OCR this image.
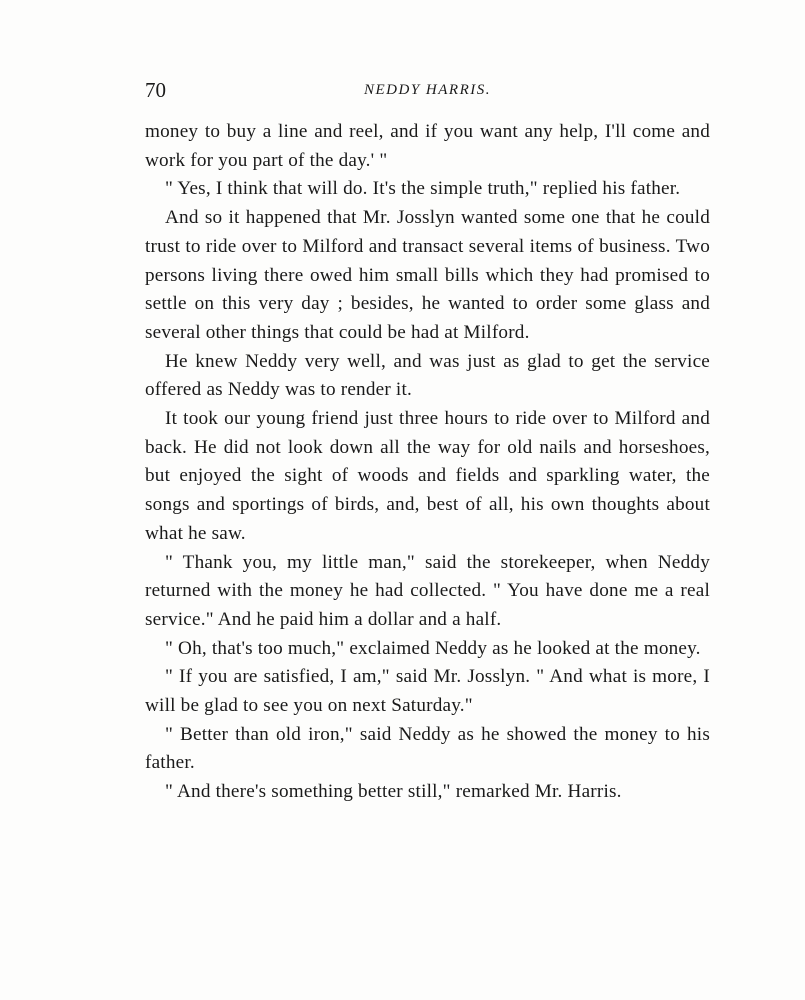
70	NEDDY HARRIS.

money to buy a line and reel, and if you want any help, I'll come and work for you part of the day.' "

" Yes, I think that will do. It's the simple truth," replied his father.

And so it happened that Mr. Josslyn wanted some one that he could trust to ride over to Milford and transact several items of business. Two persons living there owed him small bills which they had promised to settle on this very day ; besides, he wanted to order some glass and several other things that could be had at Milford.

He knew Neddy very well, and was just as glad to get the service offered as Neddy was to render it.

It took our young friend just three hours to ride over to Milford and back. He did not look down all the way for old nails and horseshoes, but enjoyed the sight of woods and fields and sparkling water, the songs and sportings of birds, and, best of all, his own thoughts about what he saw.

" Thank you, my little man," said the storekeeper, when Neddy returned with the money he had collected. " You have done me a real service." And he paid him a dollar and a half.

" Oh, that's too much," exclaimed Neddy as he looked at the money.

" If you are satisfied, I am," said Mr. Josslyn. " And what is more, I will be glad to see you on next Saturday."

" Better than old iron," said Neddy as he showed the money to his father.

" And there's something better still," remarked Mr. Harris.
